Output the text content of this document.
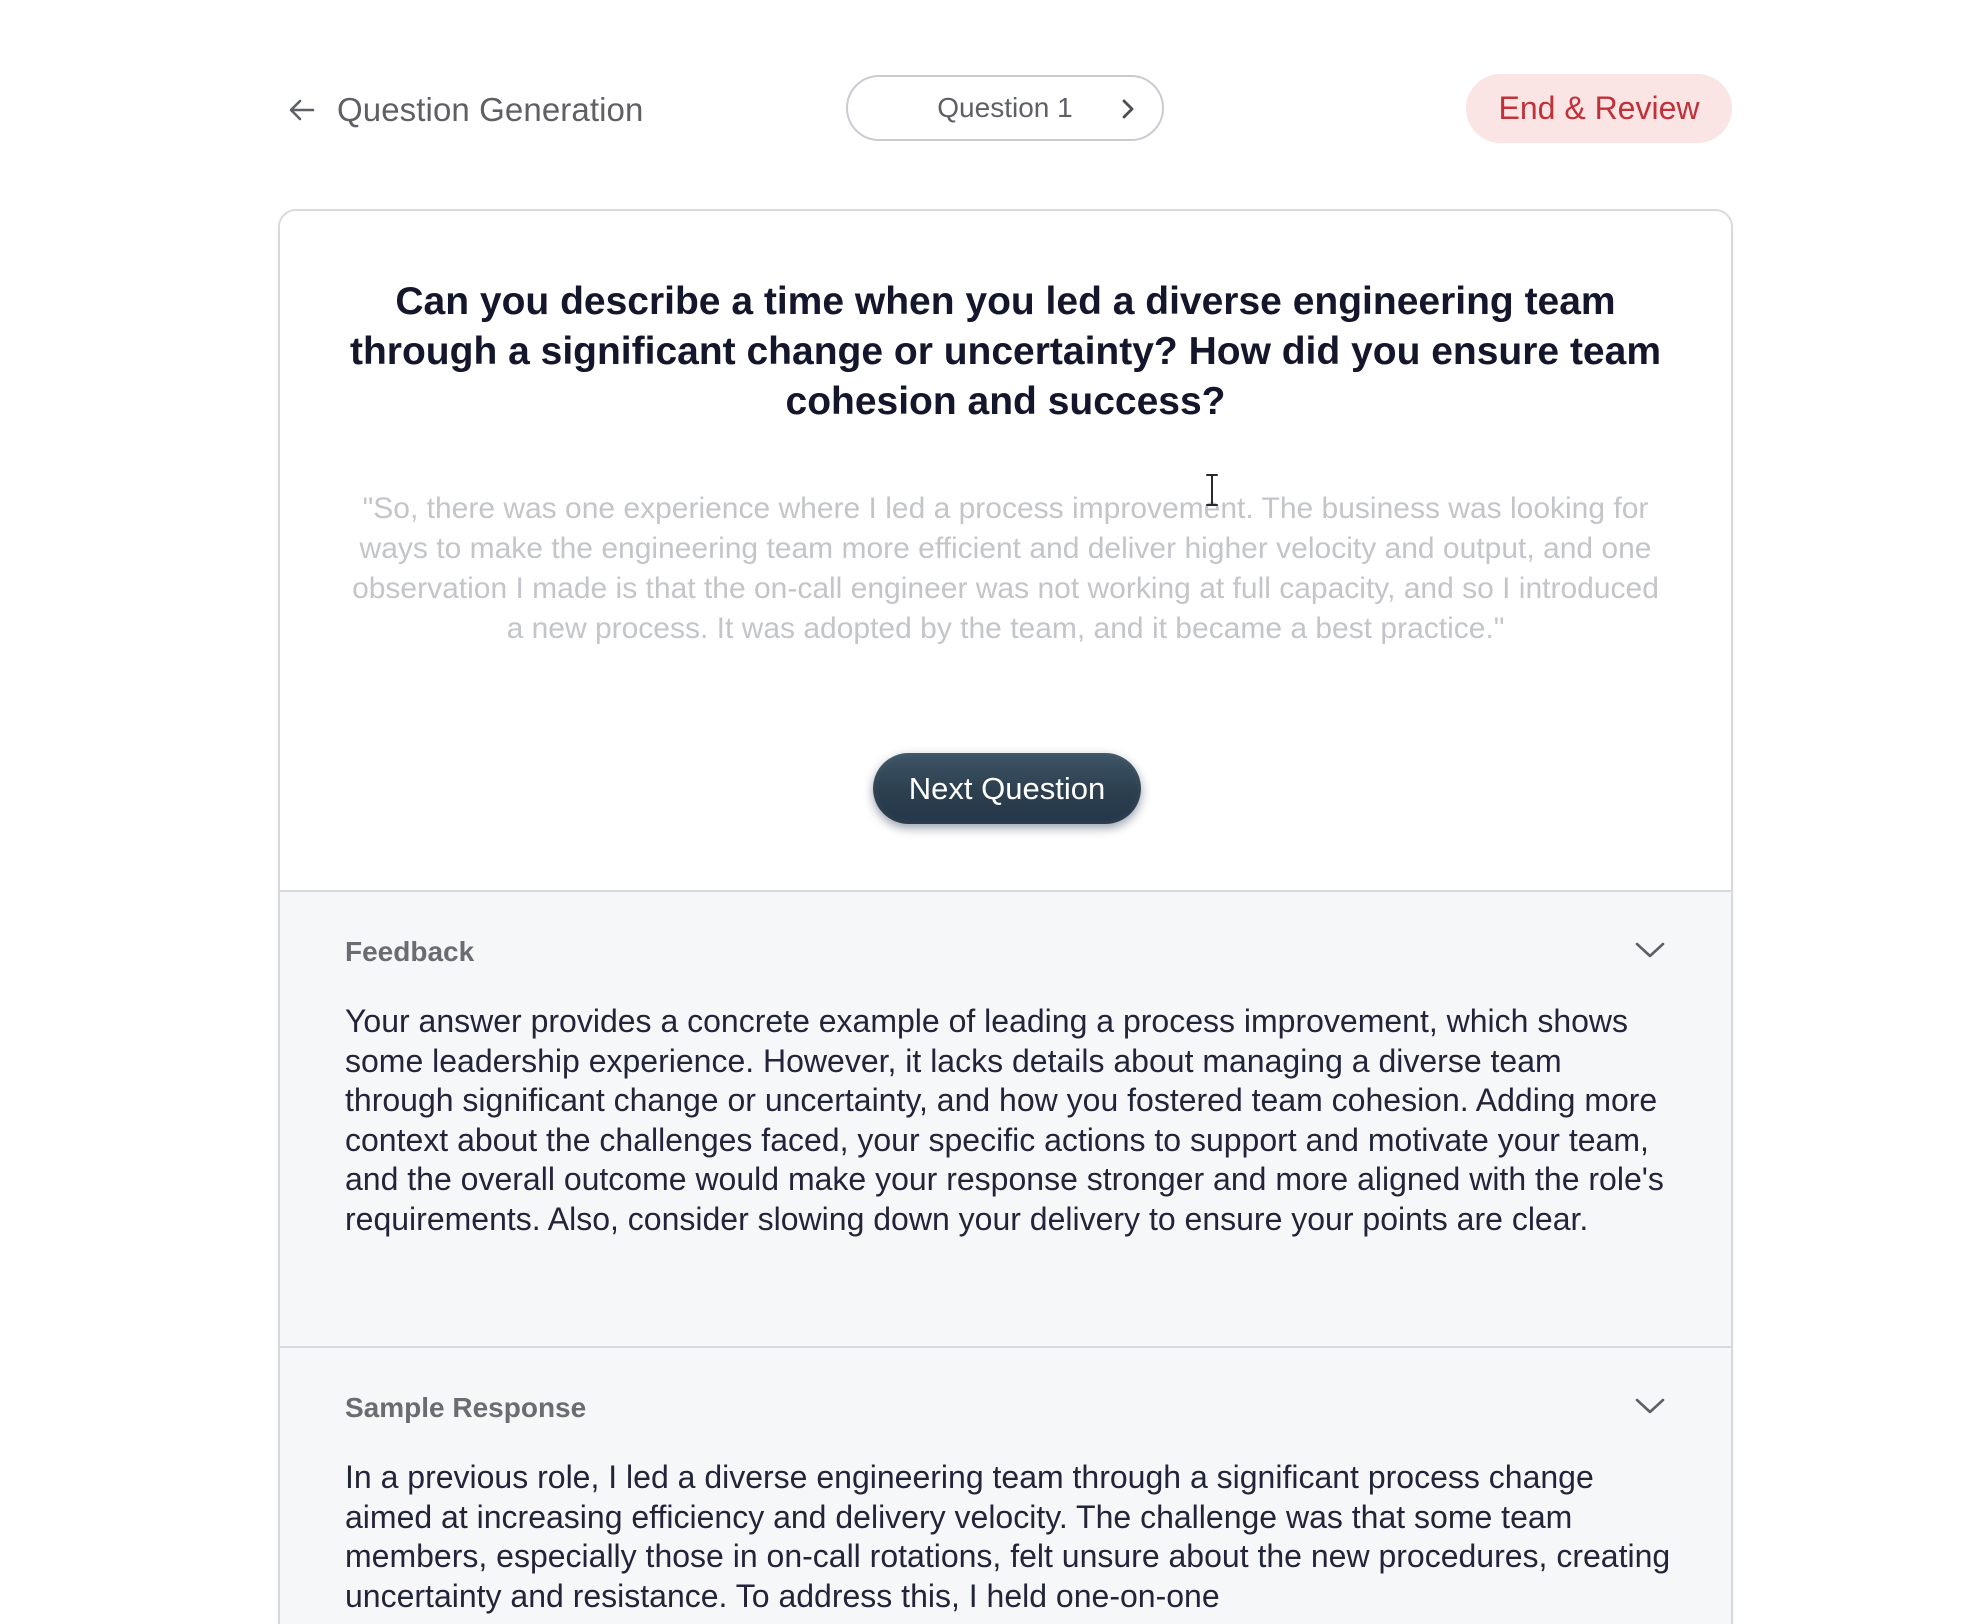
Question Generation	Question 1	End & Review
Can you describe a time when you led a diverse engineering team through a significant change or uncertainty? How did you ensure team cohesion and success?

"So, there was one experience where I led a process improvement. The business was looking for ways to make the engineering team more efficient and deliver higher velocity and output, and one observation I made is that the on-call engineer was not working at full capacity, and so I introduced a new process. It was adopted by the team, and it became a best practice."

Next Question
Feedback

Your answer provides a concrete example of leading a process improvement, which shows some leadership experience. However, it lacks details about managing a diverse team through significant change or uncertainty, and how you fostered team cohesion. Adding more context about the challenges faced, your specific actions to support and motivate your team, and the overall outcome would make your response stronger and more aligned with the role's requirements. Also, consider slowing down your delivery to ensure your points are clear.

Sample Response

In a previous role, I led a diverse engineering team through a significant process change aimed at increasing efficiency and delivery velocity. The challenge was that some team members, especially those in on-call rotations, felt unsure about the new procedures, creating uncertainty and resistance. To address this, I held one-on-one
